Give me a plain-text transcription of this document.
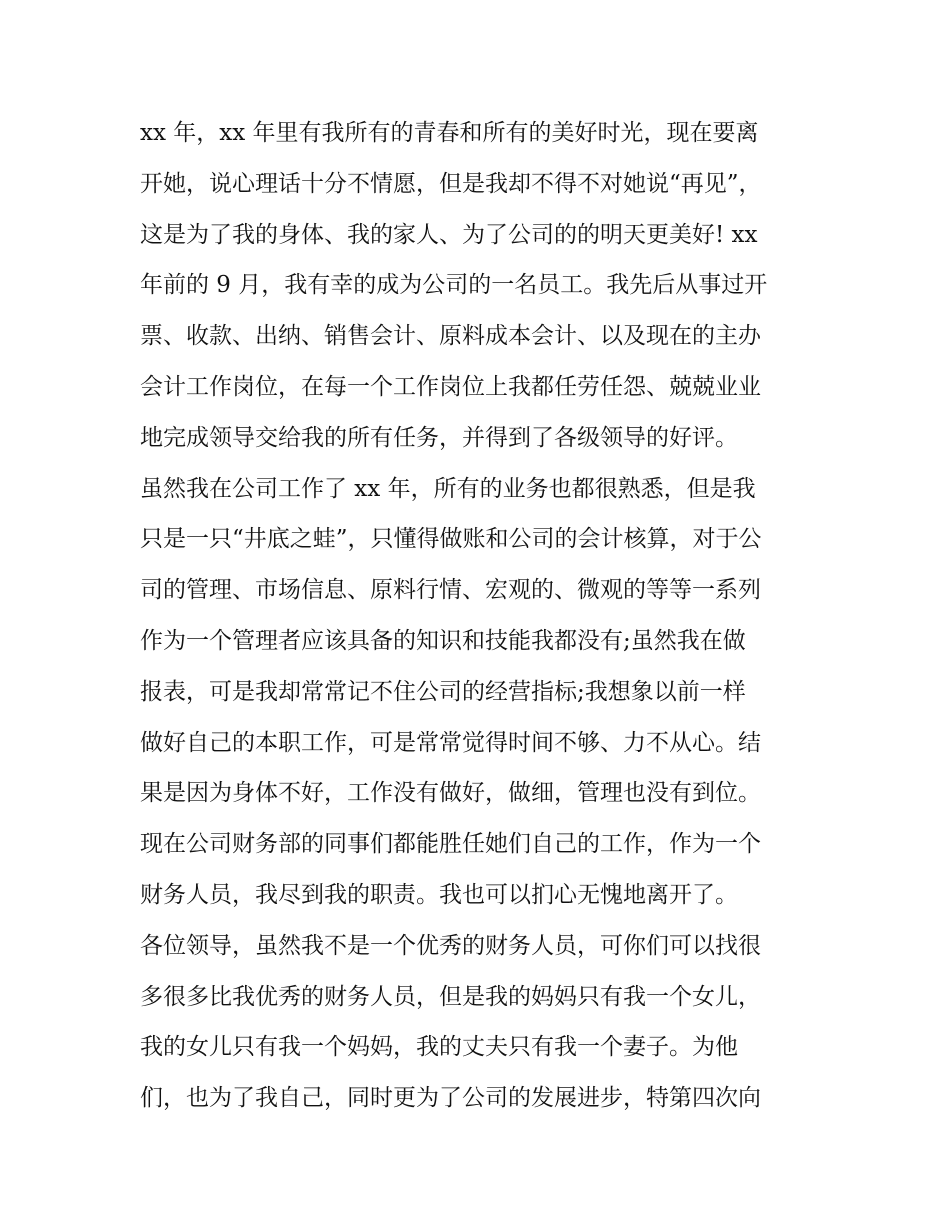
xx 年，xx 年里有我所有的青春和所有的美好时光，现在要离
开她，说心理话十分不情愿，但是我却不得不对她说“再见”，
这是为了我的身体、我的家人、为了公司的的明天更美好! xx
年前的 9 月，我有幸的成为公司的一名员工。我先后从事过开
票、收款、出纳、销售会计、原料成本会计、以及现在的主办
会计工作岗位，在每一个工作岗位上我都任劳任怨、兢兢业业
地完成领导交给我的所有任务，并得到了各级领导的好评。
虽然我在公司工作了 xx 年，所有的业务也都很熟悉，但是我
只是一只“井底之蛙”，只懂得做账和公司的会计核算，对于公
司的管理、市场信息、原料行情、宏观的、微观的等等一系列
作为一个管理者应该具备的知识和技能我都没有;虽然我在做
报表，可是我却常常记不住公司的经营指标;我想象以前一样
做好自己的本职工作，可是常常觉得时间不够、力不从心。结
果是因为身体不好，工作没有做好，做细，管理也没有到位。
现在公司财务部的同事们都能胜任她们自己的工作，作为一个
财务人员，我尽到我的职责。我也可以扪心无愧地离开了。
各位领导，虽然我不是一个优秀的财务人员，可你们可以找很
多很多比我优秀的财务人员，但是我的妈妈只有我一个女儿，
我的女儿只有我一个妈妈，我的丈夫只有我一个妻子。为他
们，也为了我自己，同时更为了公司的发展进步，特第四次向
